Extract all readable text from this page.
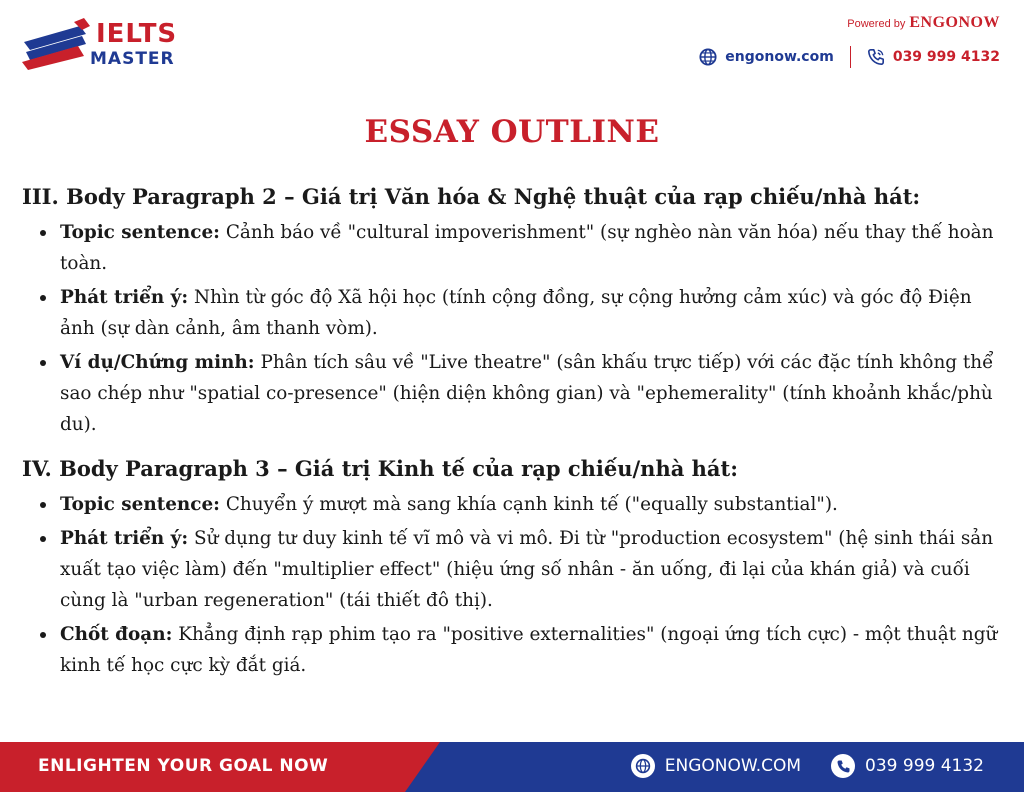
IELTS
MASTER
Powered by ENGONOW
engonow.com	039 999 4132
ESSAY OUTLINE
III. Body Paragraph 2 – Giá trị Văn hóa & Nghệ thuật của rạp chiếu/nhà hát:
Topic sentence: Cảnh báo về "cultural impoverishment" (sự nghèo nàn văn hóa) nếu thay thế hoàn toàn.
Phát triển ý: Nhìn từ góc độ Xã hội học (tính cộng đồng, sự cộng hưởng cảm xúc) và góc độ Điện ảnh (sự dàn cảnh, âm thanh vòm).
Ví dụ/Chứng minh: Phân tích sâu về "Live theatre" (sân khấu trực tiếp) với các đặc tính không thể sao chép như "spatial co-presence" (hiện diện không gian) và "ephemerality" (tính khoảnh khắc/phù du).
IV. Body Paragraph 3 – Giá trị Kinh tế của rạp chiếu/nhà hát:
Topic sentence: Chuyển ý mượt mà sang khía cạnh kinh tế ("equally substantial").
Phát triển ý: Sử dụng tư duy kinh tế vĩ mô và vi mô. Đi từ "production ecosystem" (hệ sinh thái sản xuất tạo việc làm) đến "multiplier effect" (hiệu ứng số nhân - ăn uống, đi lại của khán giả) và cuối cùng là "urban regeneration" (tái thiết đô thị).
Chốt đoạn: Khẳng định rạp phim tạo ra "positive externalities" (ngoại ứng tích cực) - một thuật ngữ kinh tế học cực kỳ đắt giá.
ENLIGHTEN YOUR GOAL NOW	ENGONOW.COM	039 999 4132
